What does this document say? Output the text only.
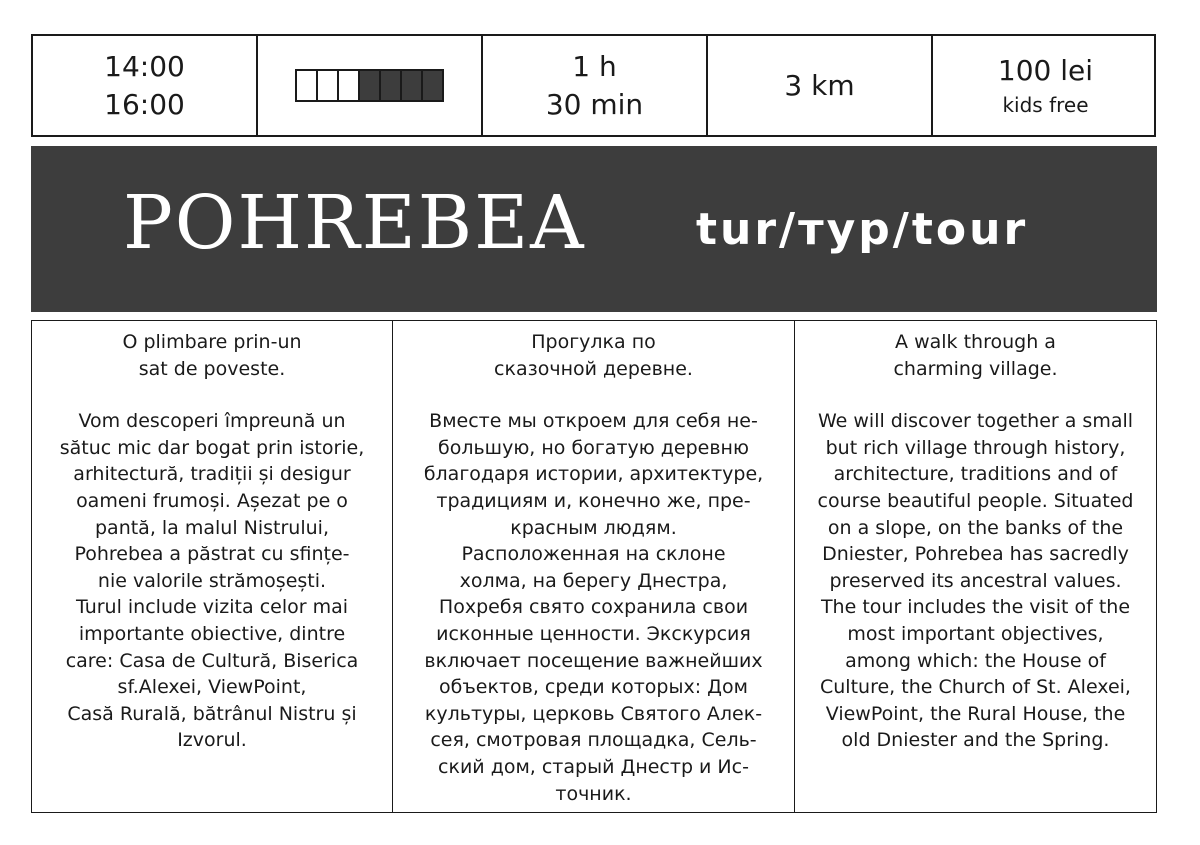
14:00
16:00
1 h
30 min
3 km	100 lei
kids free
POHREBEA	tur/тур/tour
O plimbare prin-un
sat de poveste.
Vom descoperi împreună un
sătuc mic dar bogat prin istorie,
arhitectură, tradiții și desigur
oameni frumoși. Așezat pe o
pantă, la malul Nistrului,
Pohrebea a păstrat cu sfințe-
nie valorile strămoșești.
Turul include vizita celor mai
importante obiective, dintre
care: Casa de Cultură, Biserica
sf.Alexei, ViewPoint,
Casă Rurală, bătrânul Nistru și
Izvorul.
Прогулка по
сказочной деревне.
Вместе мы откроем для себя не-
большую, но богатую деревню
благодаря истории, архитектуре,
традициям и, конечно же, пре-
красным людям.
Расположенная на склоне
холма, на берегу Днестра,
Похребя свято сохранила свои
исконные ценности. Экскурсия
включает посещение важнейших
объектов, среди которых: Дом
культуры, церковь Святого Алек-
сея, смотровая площадка, Сель-
ский дом, старый Днестр и Ис-
точник.
A walk through a
charming village.
We will discover together a small
but rich village through history,
architecture, traditions and of
course beautiful people. Situated
on a slope, on the banks of the
Dniester, Pohrebea has sacredly
preserved its ancestral values.
The tour includes the visit of the
most important objectives,
among which: the House of
Culture, the Church of St. Alexei,
ViewPoint, the Rural House, the
old Dniester and the Spring.
